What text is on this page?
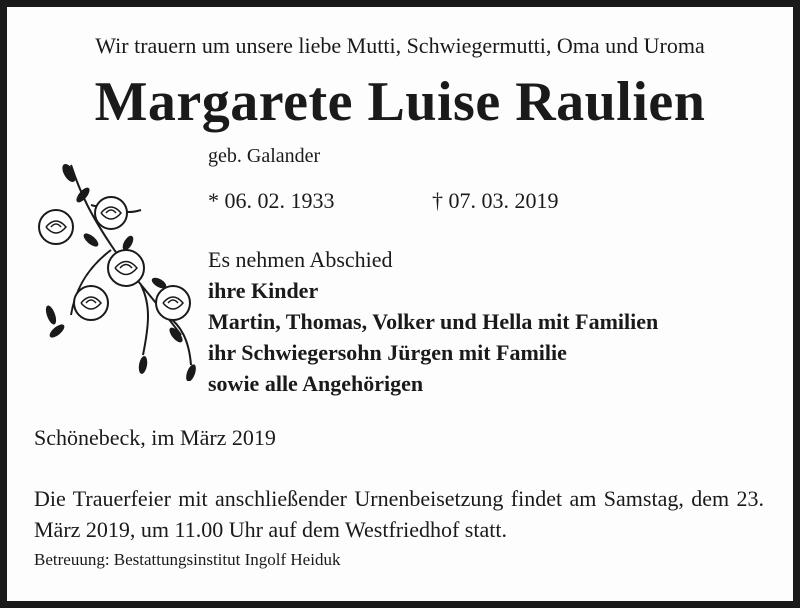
Wir trauern um unsere liebe Mutti, Schwiegermutti, Oma und Uroma
Margarete Luise Raulien
geb. Galander
* 06. 02. 1933	† 07. 03. 2019
Es nehmen Abschied
ihre Kinder
Martin, Thomas, Volker und Hella mit Familien
ihr Schwiegersohn Jürgen mit Familie
sowie alle Angehörigen
Schönebeck, im März 2019
Die Trauerfeier mit anschließender Urnenbeisetzung findet am Samstag, dem 23. März 2019, um 11.00 Uhr auf dem Westfriedhof statt.
Betreuung: Bestattungsinstitut Ingolf Heiduk
